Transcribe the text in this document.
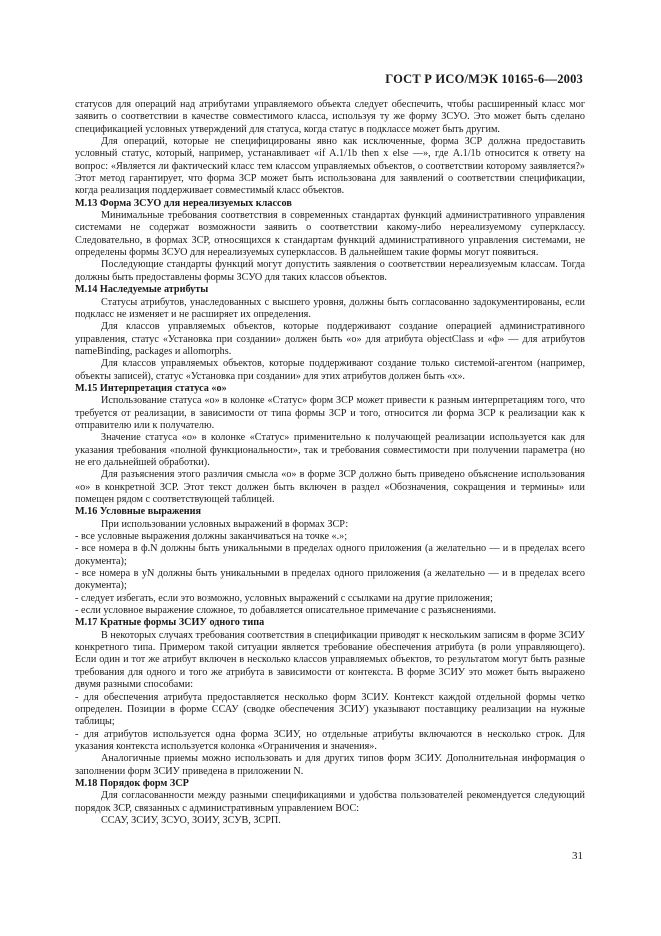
ГОСТ Р ИСО/МЭК 10165-6—2003

статусов для операций над атрибутами управляемого объекта следует обеспечить, чтобы расширенный класс мог заявить о соответствии в качестве совместимого класса, используя ту же форму ЗСУО. Это может быть сделано спецификацией условных утверждений для статуса, когда статус в подклассе может быть другим.

Для операций, которые не специфицированы явно как исключенные, форма ЗСР должна предоставить условный статус, который, например, устанавливает «if A.1/1b then x else —», где A.1/1b относится к ответу на вопрос: «Является ли фактический класс тем классом управляемых объектов, о соответствии которому заявляется?» Этот метод гарантирует, что форма ЗСР может быть использована для заявлений о соответствии спецификации, когда реализация поддерживает совместимый класс объектов.

М.13 Форма ЗСУО для нереализуемых классов

Минимальные требования соответствия в современных стандартах функций административного управления системами не содержат возможности заявить о соответствии какому-либо нереализуемому суперклассу. Следовательно, в формах ЗСР, относящихся к стандартам функций административного управления системами, не определены формы ЗСУО для нереализуемых суперклассов. В дальнейшем такие формы могут появиться.

Последующие стандарты функций могут допустить заявления о соответствии нереализуемым классам. Тогда должны быть предоставлены формы ЗСУО для таких классов объектов.

М.14 Наследуемые атрибуты

Статусы атрибутов, унаследованных с высшего уровня, должны быть согласованно задокументированы, если подкласс не изменяет и не расширяет их определения.

Для классов управляемых объектов, которые поддерживают создание операцией административного управления, статус «Установка при создании» должен быть «о» для атрибута objectClass и «ф» — для атрибутов nameBinding, packages и allomorphs.

Для классов управляемых объектов, которые поддерживают создание только системой-агентом (например, объекты записей), статус «Установка при создании» для этих атрибутов должен быть «х».

М.15 Интерпретация статуса «о»

Использование статуса «о» в колонке «Статус» форм ЗСР может привести к разным интерпретациям того, что требуется от реализации, в зависимости от типа формы ЗСР и того, относится ли форма ЗСР к реализации как к отправителю или к получателю.

Значение статуса «о» в колонке «Статус» применительно к получающей реализации используется как для указания требования «полной функциональности», так и требования совместимости при получении параметра (но не его дальнейшей обработки).

Для разъяснения этого различия смысла «о» в форме ЗСР должно быть приведено объяснение использования «о» в конкретной ЗСР. Этот текст должен быть включен в раздел «Обозначения, сокращения и термины» или помещен рядом с соответствующей таблицей.

М.16 Условные выражения

При использовании условных выражений в формах ЗСР:

- все условные выражения должны заканчиваться на точке «.»;

- все номера в ф.N должны быть уникальными в пределах одного приложения (а желательно — и в пределах всего документа);

- все номера в yN должны быть уникальными в пределах одного приложения (а желательно — и в пределах всего документа);

- следует избегать, если это возможно, условных выражений с ссылками на другие приложения;

- если условное выражение сложное, то добавляется описательное примечание с разъяснениями.

М.17 Кратные формы ЗСИУ одного типа

В некоторых случаях требования соответствия в спецификации приводят к нескольким записям в форме ЗСИУ конкретного типа. Примером такой ситуации является требование обеспечения атрибута (в роли управляющего). Если один и тот же атрибут включен в несколько классов управляемых объектов, то результатом могут быть разные требования для одного и того же атрибута в зависимости от контекста. В форме ЗСИУ это может быть выражено двумя разными способами:

- для обеспечения атрибута предоставляется несколько форм ЗСИУ. Контекст каждой отдельной формы четко определен. Позиции в форме ССАУ (сводке обеспечения ЗСИУ) указывают поставщику реализации на нужные таблицы;

- для атрибутов используется одна форма ЗСИУ, но отдельные атрибуты включаются в несколько строк. Для указания контекста используется колонка «Ограничения и значения».

Аналогичные приемы можно использовать и для других типов форм ЗСИУ. Дополнительная информация о заполнении форм ЗСИУ приведена в приложении N.

М.18 Порядок форм ЗСР

Для согласованности между разными спецификациями и удобства пользователей рекомендуется следующий порядок ЗСР, связанных с административным управлением ВОС:

ССАУ, ЗСИУ, ЗСУО, ЗОИУ, ЗСУВ, ЗСРП.

31
